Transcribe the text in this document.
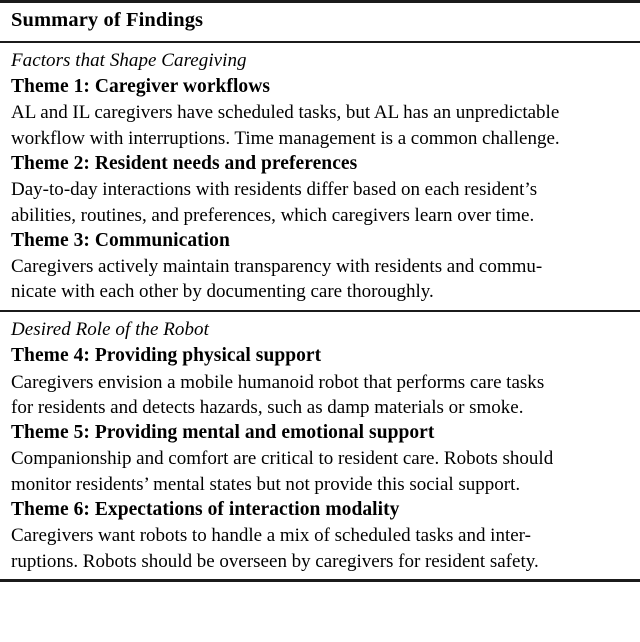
Summary of Findings
Factors that Shape Caregiving
Theme 1: Caregiver workflows
AL and IL caregivers have scheduled tasks, but AL has an unpredictable
workflow with interruptions. Time management is a common challenge.
Theme 2: Resident needs and preferences
Day-to-day interactions with residents differ based on each resident’s
abilities, routines, and preferences, which caregivers learn over time.
Theme 3: Communication
Caregivers actively maintain transparency with residents and commu-
nicate with each other by documenting care thoroughly.
Desired Role of the Robot
Theme 4: Providing physical support
Caregivers envision a mobile humanoid robot that performs care tasks
for residents and detects hazards, such as damp materials or smoke.
Theme 5: Providing mental and emotional support
Companionship and comfort are critical to resident care. Robots should
monitor residents’ mental states but not provide this social support.
Theme 6: Expectations of interaction modality
Caregivers want robots to handle a mix of scheduled tasks and inter-
ruptions. Robots should be overseen by caregivers for resident safety.
